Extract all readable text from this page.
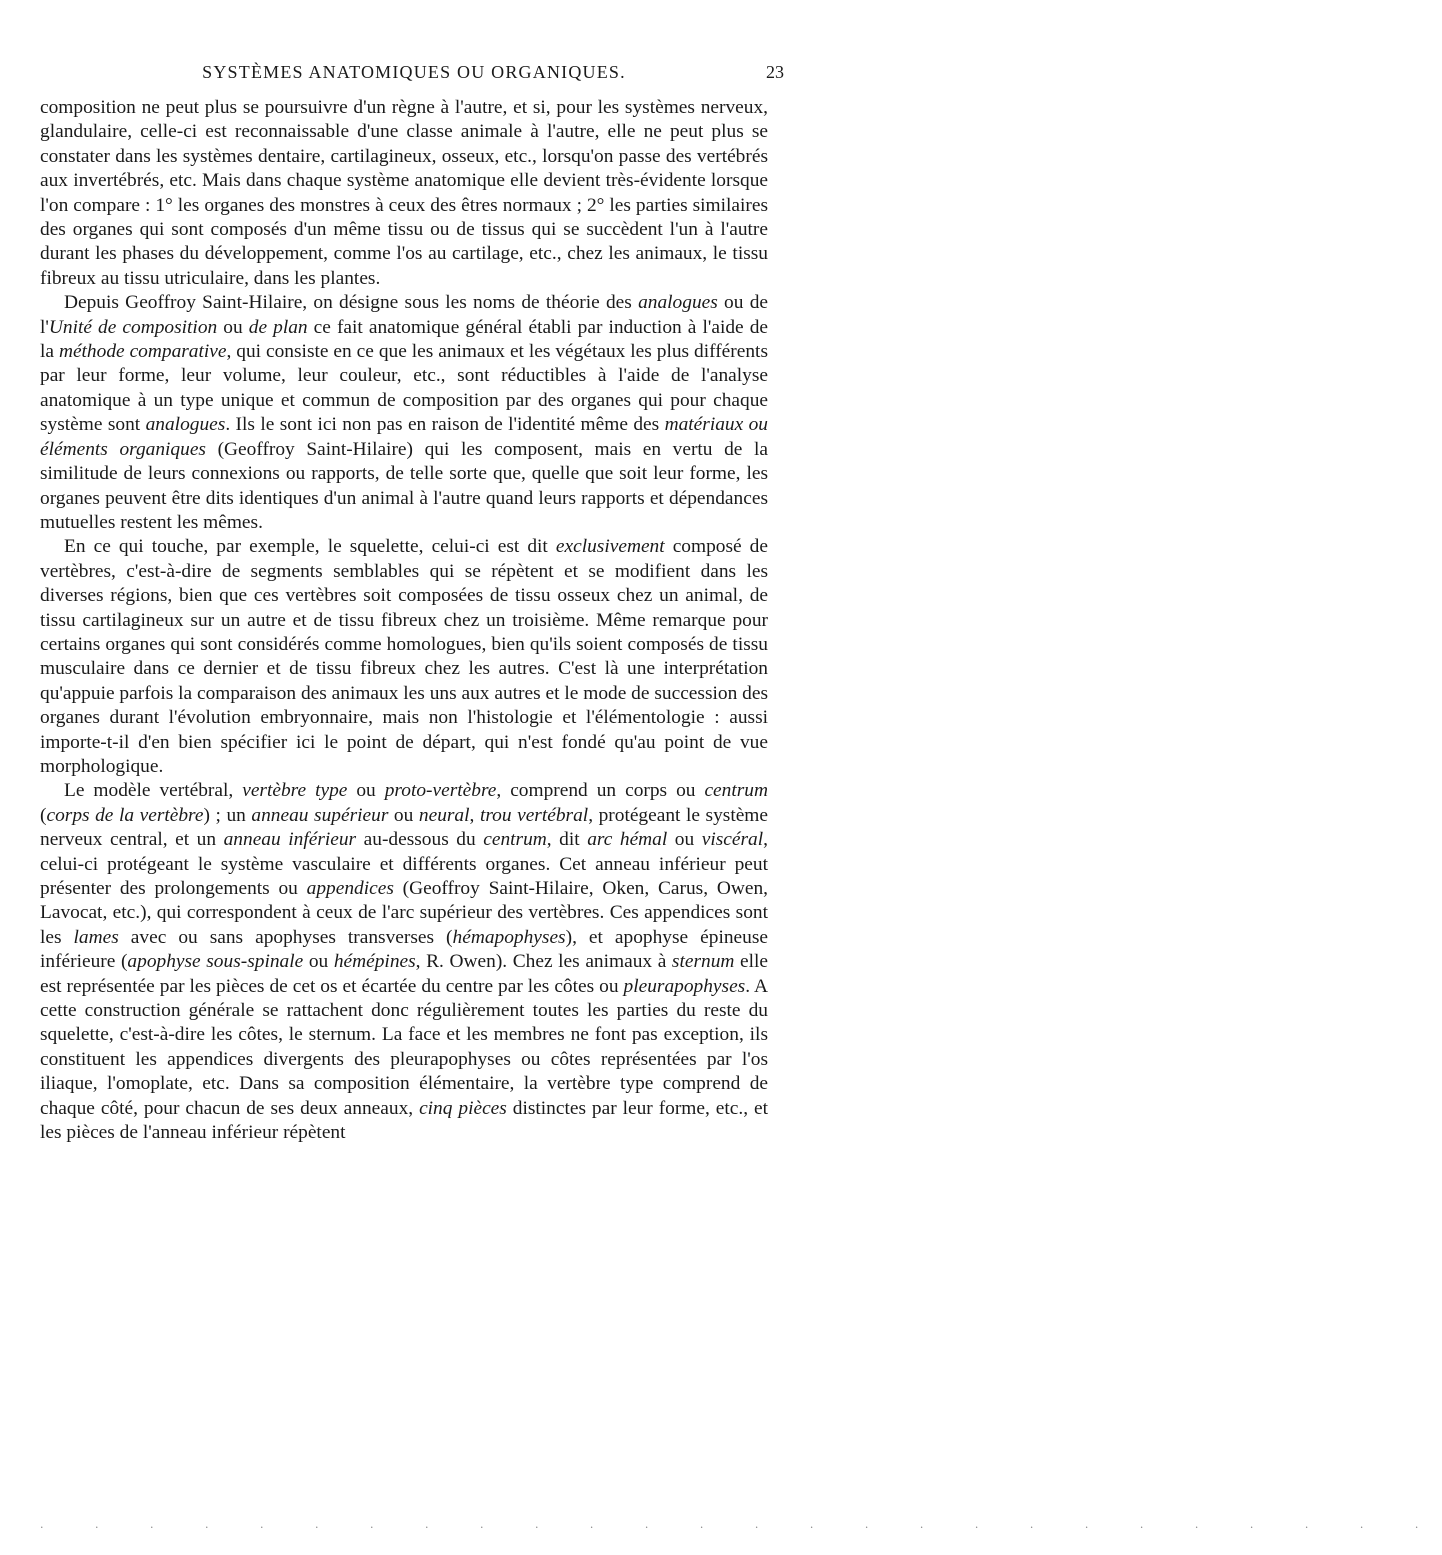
SYSTÈMES ANATOMIQUES OU ORGANIQUES.	23

composition ne peut plus se poursuivre d'un règne à l'autre, et si, pour les systèmes nerveux, glandulaire, celle-ci est reconnaissable d'une classe animale à l'autre, elle ne peut plus se constater dans les systèmes dentaire, cartilagineux, osseux, etc., lorsqu'on passe des vertébrés aux invertébrés, etc. Mais dans chaque système anatomique elle devient très-évidente lorsque l'on compare : 1° les organes des monstres à ceux des êtres normaux ; 2° les parties similaires des organes qui sont composés d'un même tissu ou de tissus qui se succèdent l'un à l'autre durant les phases du développement, comme l'os au cartilage, etc., chez les animaux, le tissu fibreux au tissu utriculaire, dans les plantes.

Depuis Geoffroy Saint-Hilaire, on désigne sous les noms de théorie des analogues ou de l'Unité de composition ou de plan ce fait anatomique général établi par induction à l'aide de la méthode comparative, qui consiste en ce que les animaux et les végétaux les plus différents par leur forme, leur volume, leur couleur, etc., sont réductibles à l'aide de l'analyse anatomique à un type unique et commun de composition par des organes qui pour chaque système sont analogues. Ils le sont ici non pas en raison de l'identité même des matériaux ou éléments organiques (Geoffroy Saint-Hilaire) qui les composent, mais en vertu de la similitude de leurs connexions ou rapports, de telle sorte que, quelle que soit leur forme, les organes peuvent être dits identiques d'un animal à l'autre quand leurs rapports et dépendances mutuelles restent les mêmes.

En ce qui touche, par exemple, le squelette, celui-ci est dit exclusivement composé de vertèbres, c'est-à-dire de segments semblables qui se répètent et se modifient dans les diverses régions, bien que ces vertèbres soit composées de tissu osseux chez un animal, de tissu cartilagineux sur un autre et de tissu fibreux chez un troisième. Même remarque pour certains organes qui sont considérés comme homologues, bien qu'ils soient composés de tissu musculaire dans ce dernier et de tissu fibreux chez les autres. C'est là une interprétation qu'appuie parfois la comparaison des animaux les uns aux autres et le mode de succession des organes durant l'évolution embryonnaire, mais non l'histologie et l'élémentologie : aussi importe-t-il d'en bien spécifier ici le point de départ, qui n'est fondé qu'au point de vue morphologique.

Le modèle vertébral, vertèbre type ou proto-vertèbre, comprend un corps ou centrum (corps de la vertèbre) ; un anneau supérieur ou neural, trou vertébral, protégeant le système nerveux central, et un anneau inférieur au-dessous du centrum, dit arc hémal ou viscéral, celui-ci protégeant le système vasculaire et différents organes. Cet anneau inférieur peut présenter des prolongements ou appendices (Geoffroy Saint-Hilaire, Oken, Carus, Owen, Lavocat, etc.), qui correspondent à ceux de l'arc supérieur des vertèbres. Ces appendices sont les lames avec ou sans apophyses transverses (hémapophyses), et apophyse épineuse inférieure (apophyse sous-spinale ou hémépines, R. Owen). Chez les animaux à sternum elle est représentée par les pièces de cet os et écartée du centre par les côtes ou pleurapophyses. A cette construction générale se rattachent donc régulièrement toutes les parties du reste du squelette, c'est-à-dire les côtes, le sternum. La face et les membres ne font pas exception, ils constituent les appendices divergents des pleurapophyses ou côtes représentées par l'os iliaque, l'omoplate, etc. Dans sa composition élémentaire, la vertèbre type comprend de chaque côté, pour chacun de ses deux anneaux, cinq pièces distinctes par leur forme, etc., et les pièces de l'anneau inférieur répètent

. . . . . . . . . . . . . . . . . . . . . . . . . .
